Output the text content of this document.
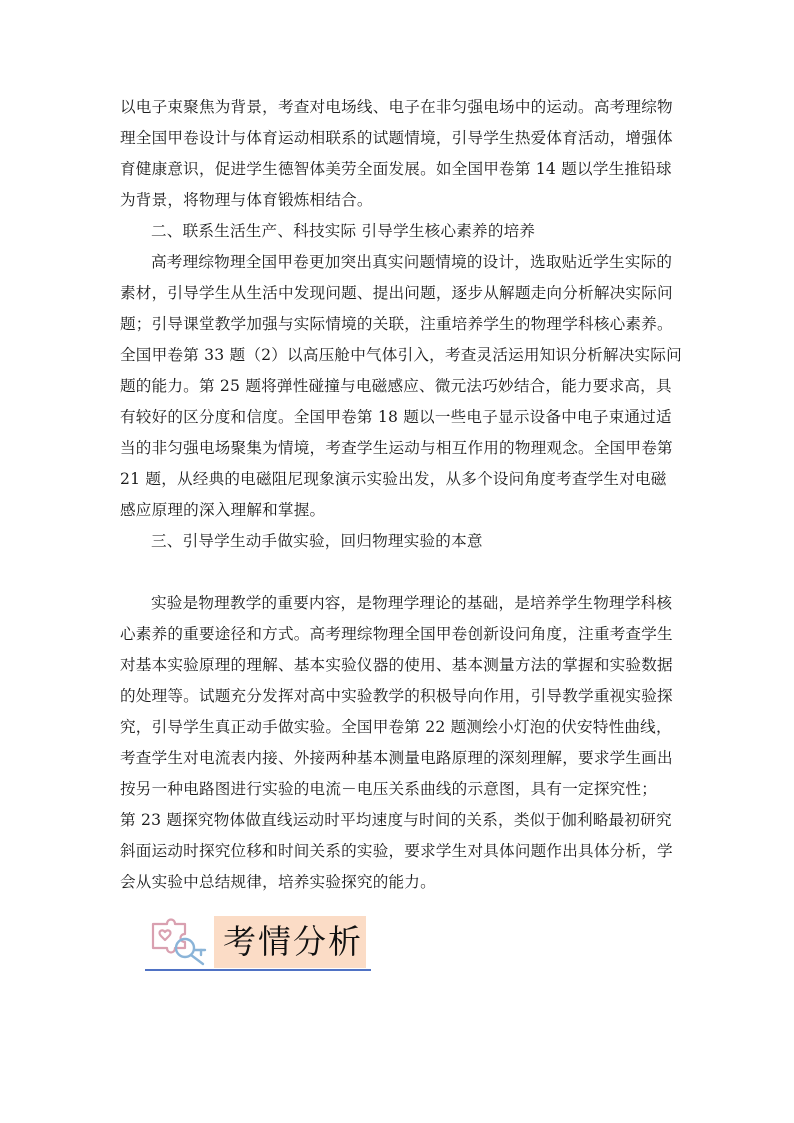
以电子束聚焦为背景，考查对电场线、电子在非匀强电场中的运动。高考理综物
理全国甲卷设计与体育运动相联系的试题情境，引导学生热爱体育活动，增强体
育健康意识，促进学生德智体美劳全面发展。如全国甲卷第 14 题以学生推铅球
为背景，将物理与体育锻炼相结合。
二、联系生活生产、科技实际 引导学生核心素养的培养
高考理综物理全国甲卷更加突出真实问题情境的设计，选取贴近学生实际的
素材，引导学生从生活中发现问题、提出问题，逐步从解题走向分析解决实际问
题；引导课堂教学加强与实际情境的关联，注重培养学生的物理学科核心素养。
全国甲卷第 33 题（2）以高压舱中气体引入，考查灵活运用知识分析解决实际问
题的能力。第 25 题将弹性碰撞与电磁感应、微元法巧妙结合，能力要求高，具
有较好的区分度和信度。全国甲卷第 18 题以一些电子显示设备中电子束通过适
当的非匀强电场聚集为情境，考查学生运动与相互作用的物理观念。全国甲卷第
21 题，从经典的电磁阻尼现象演示实验出发，从多个设问角度考查学生对电磁
感应原理的深入理解和掌握。
三、引导学生动手做实验，回归物理实验的本意
实验是物理教学的重要内容，是物理学理论的基础，是培养学生物理学科核
心素养的重要途径和方式。高考理综物理全国甲卷创新设问角度，注重考查学生
对基本实验原理的理解、基本实验仪器的使用、基本测量方法的掌握和实验数据
的处理等。试题充分发挥对高中实验教学的积极导向作用，引导教学重视实验探
究，引导学生真正动手做实验。全国甲卷第 22 题测绘小灯泡的伏安特性曲线，
考查学生对电流表内接、外接两种基本测量电路原理的深刻理解，要求学生画出
按另一种电路图进行实验的电流－电压关系曲线的示意图，具有一定探究性；
第 23 题探究物体做直线运动时平均速度与时间的关系，类似于伽利略最初研究
斜面运动时探究位移和时间关系的实验，要求学生对具体问题作出具体分析，学
会从实验中总结规律，培养实验探究的能力。
考情分析
